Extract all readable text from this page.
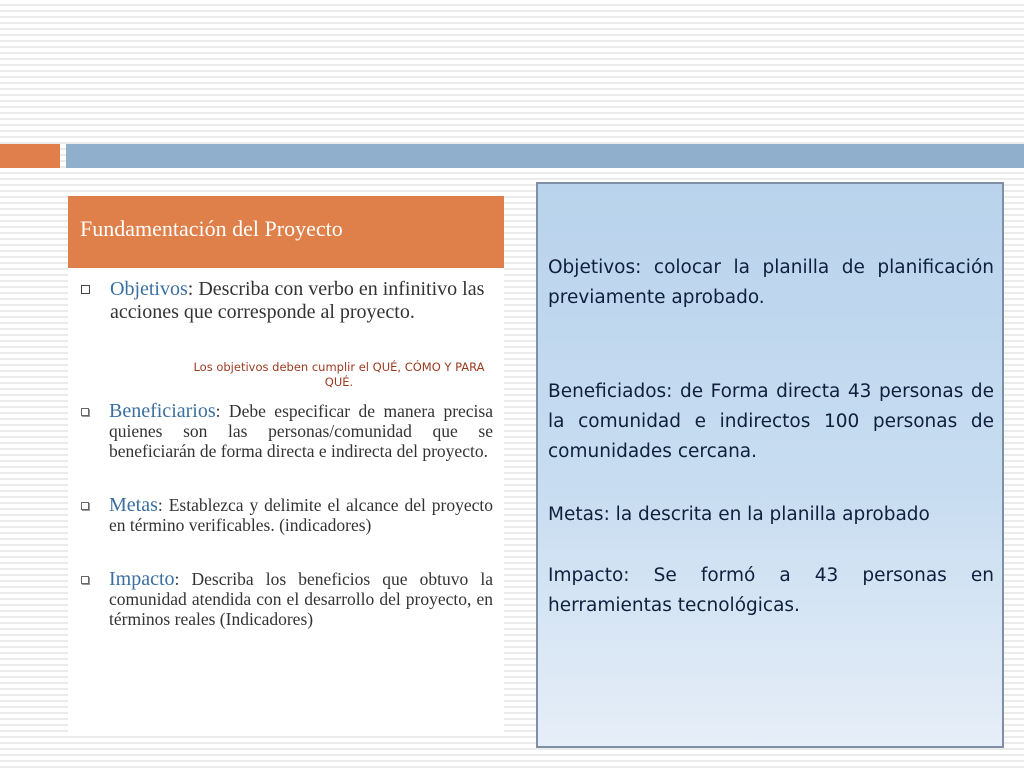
Fundamentación del Proyecto
Objetivos: Describa con verbo en infinitivo las acciones que corresponde al proyecto.
Los objetivos deben cumplir el QUÉ, CÓMO Y PARA QUÉ.
Beneficiarios: Debe especificar de manera precisa quienes son las personas/comunidad que se beneficiarán de forma directa e indirecta del proyecto.
Metas: Establezca y delimite el alcance del proyecto en término verificables. (indicadores)
Impacto: Describa los beneficios que obtuvo la comunidad atendida con el desarrollo del proyecto, en términos reales (Indicadores)

Objetivos: colocar la planilla de planificación previamente aprobado.

Beneficiados: de Forma directa 43 personas de la comunidad e indirectos 100 personas de comunidades cercana.

Metas: la descrita en la planilla aprobado

Impacto: Se formó a 43 personas en herramientas tecnológicas.
